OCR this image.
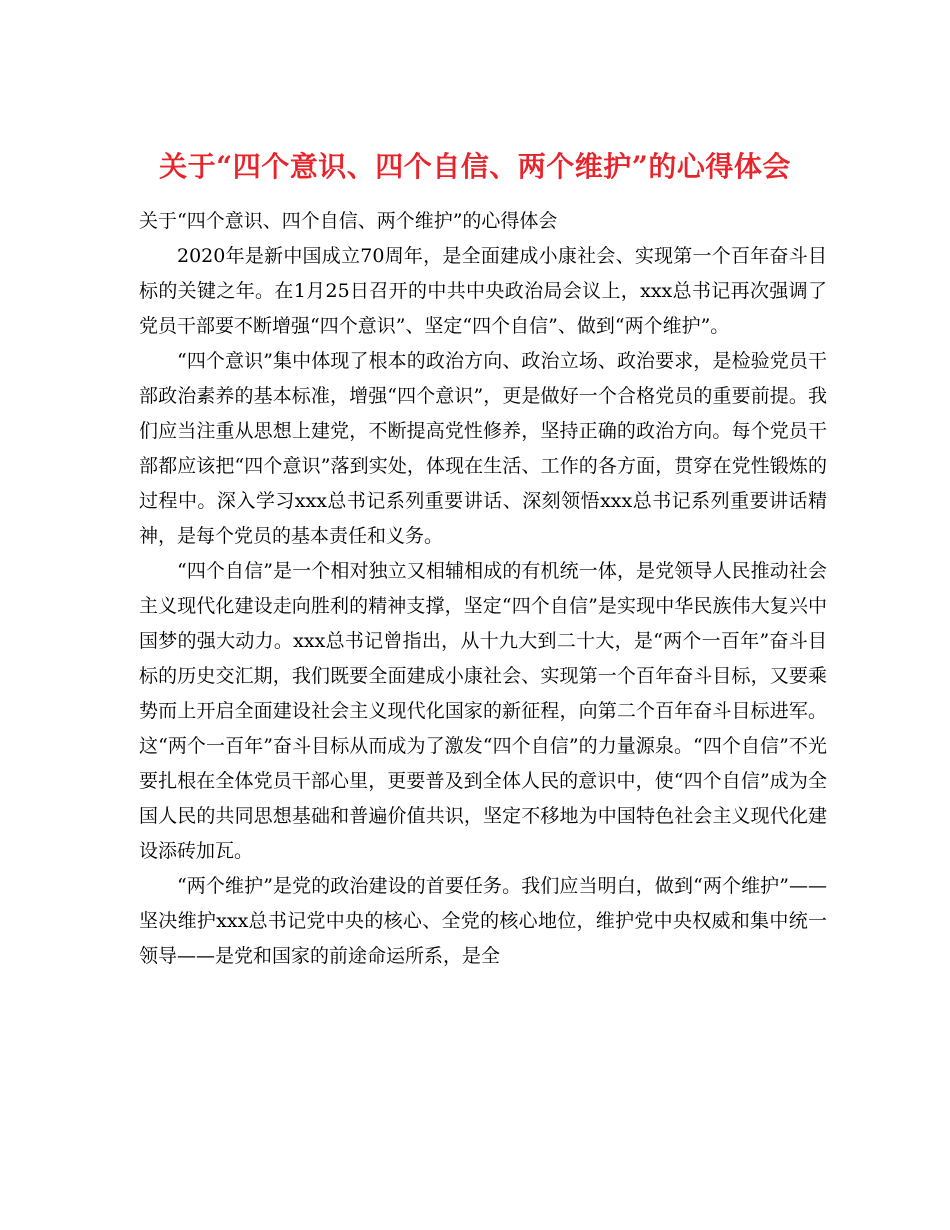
关于“四个意识、四个自信、两个维护”的心得体会

关于“四个意识、四个自信、两个维护”的心得体会

2020年是新中国成立70周年，是全面建成小康社会、实现第一个百年奋斗目标的关键之年。在1月25日召开的中共中央政治局会议上，xxx总书记再次强调了党员干部要不断增强“四个意识”、坚定“四个自信”、做到“两个维护”。

“四个意识”集中体现了根本的政治方向、政治立场、政治要求，是检验党员干部政治素养的基本标准，增强“四个意识”，更是做好一个合格党员的重要前提。我们应当注重从思想上建党，不断提高党性修养，坚持正确的政治方向。每个党员干部都应该把“四个意识”落到实处，体现在生活、工作的各方面，贯穿在党性锻炼的过程中。深入学习xxx总书记系列重要讲话、深刻领悟xxx总书记系列重要讲话精神，是每个党员的基本责任和义务。

“四个自信”是一个相对独立又相辅相成的有机统一体，是党领导人民推动社会主义现代化建设走向胜利的精神支撑，坚定“四个自信”是实现中华民族伟大复兴中国梦的强大动力。xxx总书记曾指出，从十九大到二十大，是“两个一百年”奋斗目标的历史交汇期，我们既要全面建成小康社会、实现第一个百年奋斗目标，又要乘势而上开启全面建设社会主义现代化国家的新征程，向第二个百年奋斗目标进军。这“两个一百年”奋斗目标从而成为了激发“四个自信”的力量源泉。“四个自信”不光要扎根在全体党员干部心里，更要普及到全体人民的意识中，使“四个自信”成为全国人民的共同思想基础和普遍价值共识，坚定不移地为中国特色社会主义现代化建设添砖加瓦。

“两个维护”是党的政治建设的首要任务。我们应当明白，做到“两个维护”——坚决维护xxx总书记党中央的核心、全党的核心地位，维护党中央权威和集中统一领导——是党和国家的前途命运所系，是全
